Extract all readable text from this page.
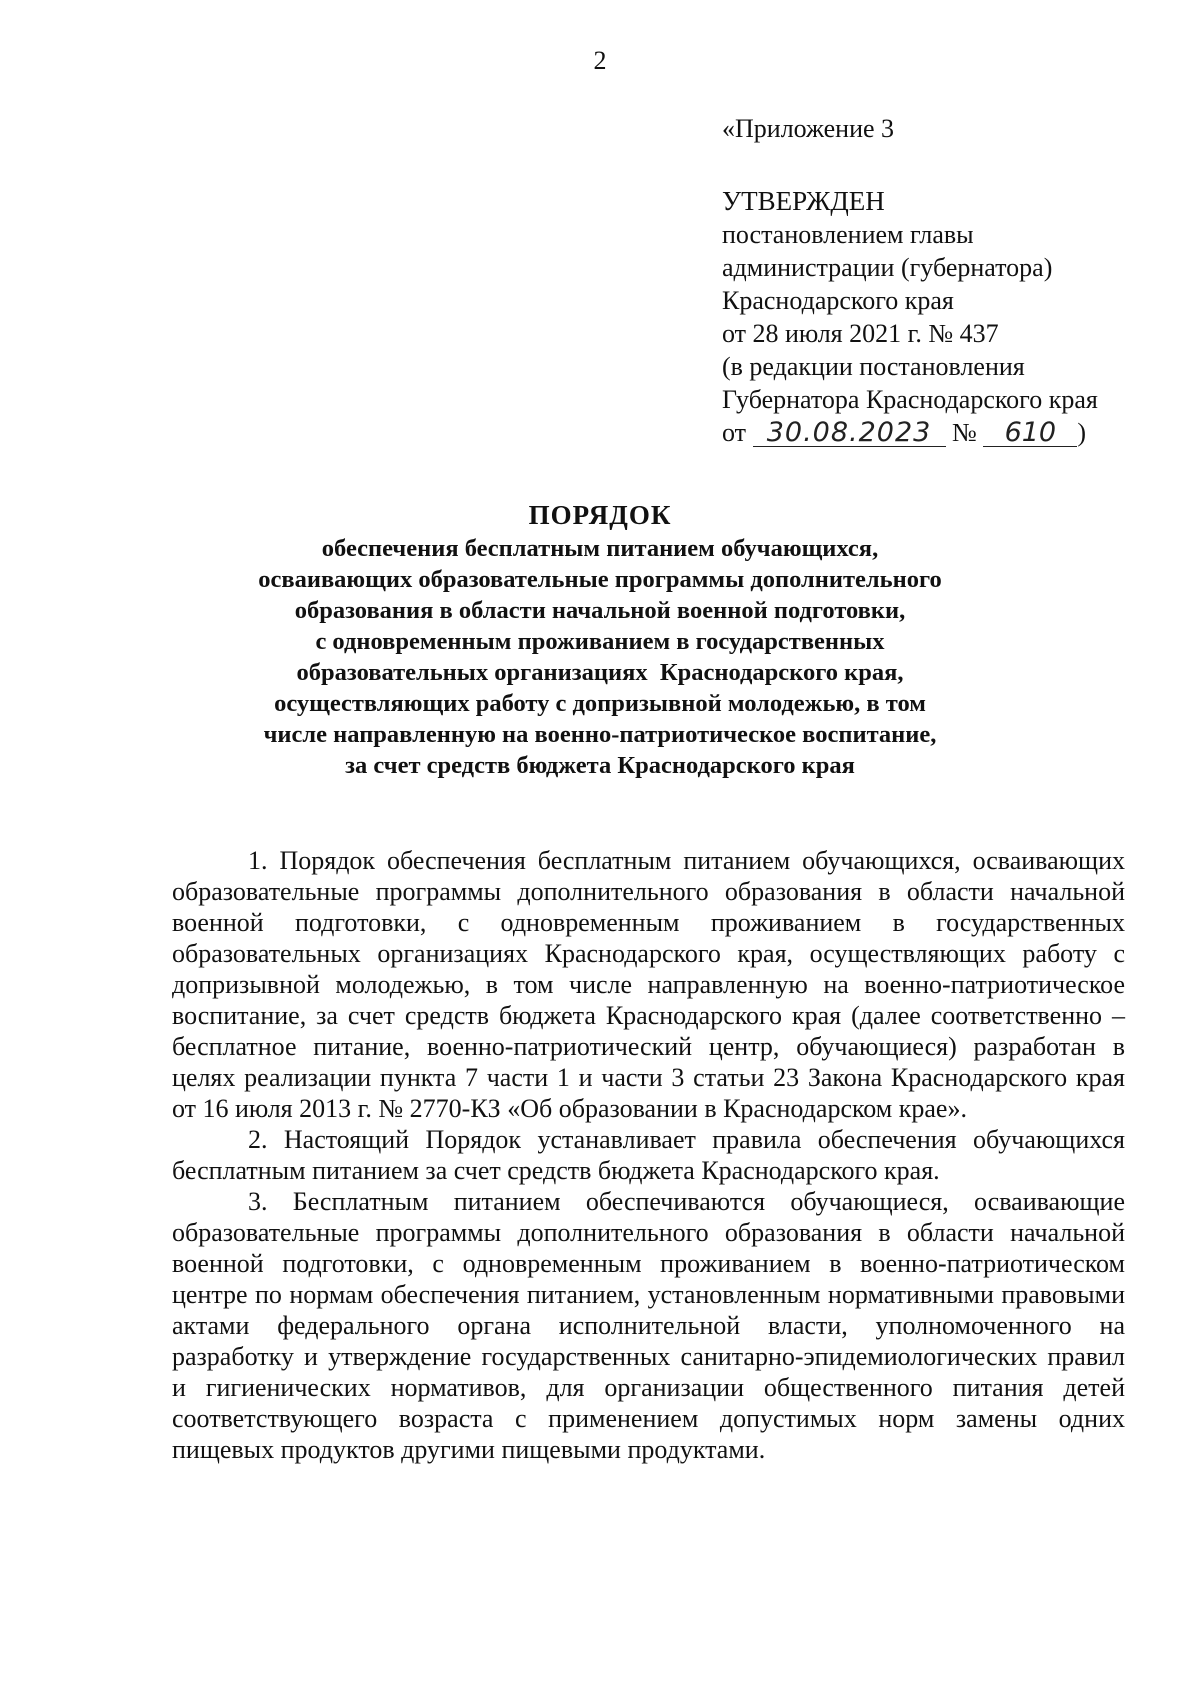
2
«Приложение 3
УТВЕРЖДЕН
постановлением главы
администрации (губернатора)
Краснодарского края
от 28 июля 2021 г. № 437
(в редакции постановления
Губернатора Краснодарского края
от 30.08.2023 № 610 )
ПОРЯДОК
обеспечения бесплатным питанием обучающихся,
осваивающих образовательные программы дополнительного
образования в области начальной военной подготовки,
с одновременным проживанием в государственных
образовательных организациях  Краснодарского края,
осуществляющих работу с допризывной молодежью, в том
числе направленную на военно-патриотическое воспитание,
за счет средств бюджета Краснодарского края

1. Порядок обеспечения бесплатным питанием обучающихся, осваивающих образовательные программы дополнительного образования в области начальной военной подготовки, с одновременным проживанием в государственных образовательных организациях Краснодарского края, осуществляющих работу с допризывной молодежью, в том числе направленную на военно-патриотическое воспитание, за счет средств бюджета Краснодарского края (далее соответственно – бесплатное питание, военно-патриотический центр, обучающиеся) разработан в целях реализации пункта 7 части 1 и части 3 статьи 23 Закона Краснодарского края от 16 июля 2013 г. № 2770-КЗ «Об образовании в Краснодарском крае».

2. Настоящий Порядок устанавливает правила обеспечения обучающихся бесплатным питанием за счет средств бюджета Краснодарского края.

3. Бесплатным питанием обеспечиваются обучающиеся, осваивающие образовательные программы дополнительного образования в области начальной военной подготовки, с одновременным проживанием в военно-патриотическом центре по нормам обеспечения питанием, установленным нормативными правовыми актами федерального органа исполнительной власти, уполномоченного на разработку и утверждение государственных санитарно-эпидемиологических правил и гигиенических нормативов, для организации общественного питания детей соответствующего возраста с применением допустимых норм замены одних пищевых продуктов другими пищевыми продуктами.
